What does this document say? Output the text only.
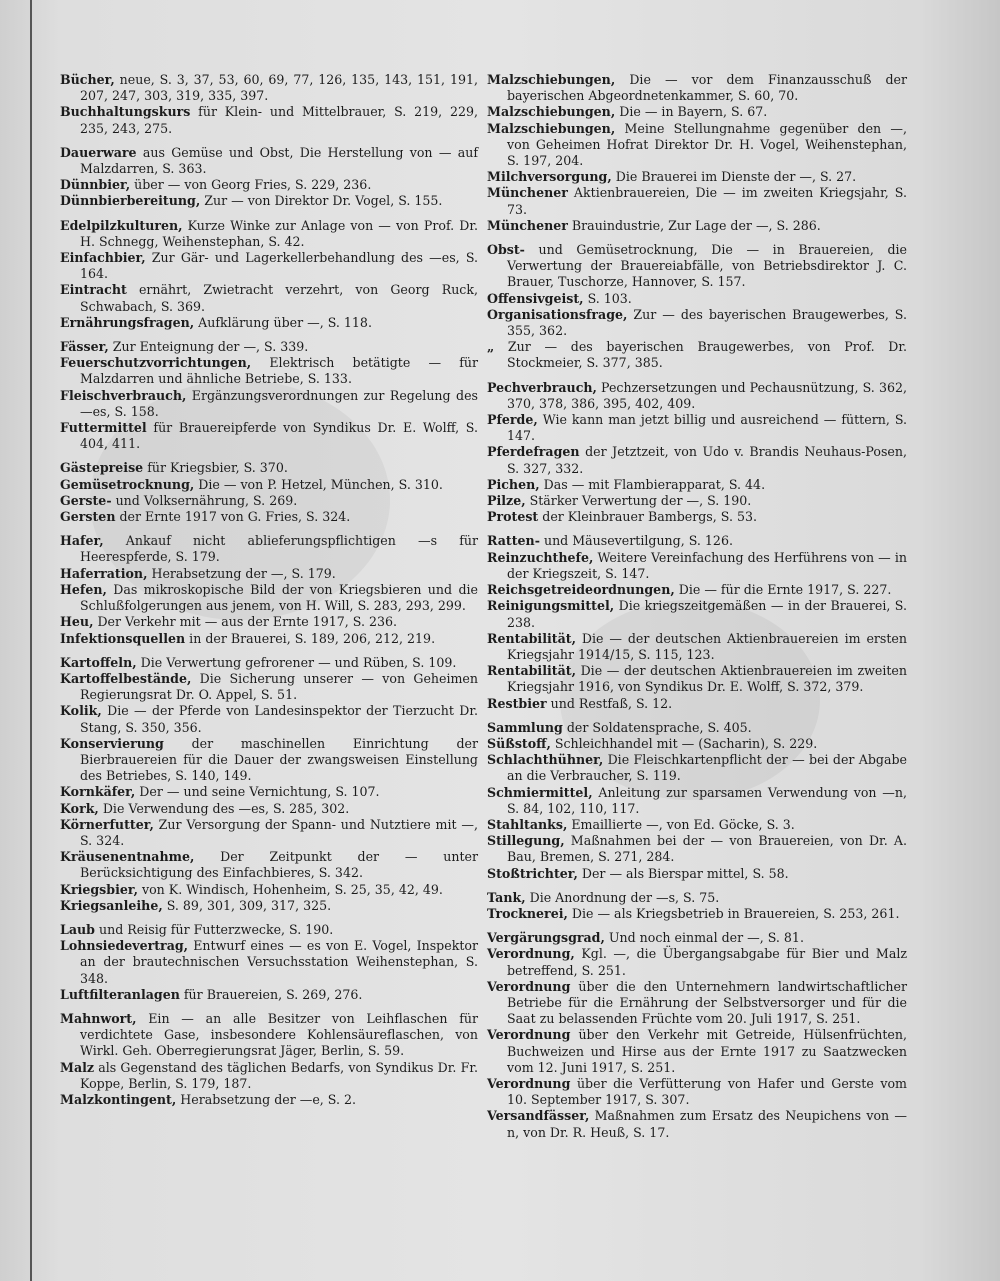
Bücher, neue, S. 3, 37, 53, 60, 69, 77, 126, 135, 143, 151, 191, 207, 247, 303, 319, 335, 397.

Buchhaltungskurs für Klein- und Mittelbrauer, S. 219, 229, 235, 243, 275.

Dauerware aus Gemüse und Obst, Die Herstellung von — auf Malzdarren, S. 363.

Dünnbier, über — von Georg Fries, S. 229, 236.

Dünnbierbereitung, Zur — von Direktor Dr. Vogel, S. 155.

Edelpilzkulturen, Kurze Winke zur Anlage von — von Prof. Dr. H. Schnegg, Weihenstephan, S. 42.

Einfachbier, Zur Gär- und Lagerkellerbehandlung des —es, S. 164.

Eintracht ernährt, Zwietracht verzehrt, von Georg Ruck, Schwabach, S. 369.

Ernährungsfragen, Aufklärung über —, S. 118.

Fässer, Zur Enteignung der —, S. 339.

Feuerschutzvorrichtungen, Elektrisch betätigte — für Malzdarren und ähnliche Betriebe, S. 133.

Fleischverbrauch, Ergänzungsverordnungen zur Regelung des —es, S. 158.

Futtermittel für Brauereipferde von Syndikus Dr. E. Wolff, S. 404, 411.

Gästepreise für Kriegsbier, S. 370.

Gemüsetrocknung, Die — von P. Hetzel, München, S. 310.

Gerste- und Volksernährung, S. 269.

Gersten der Ernte 1917 von G. Fries, S. 324.

Hafer, Ankauf nicht ablieferungspflichtigen —s für Heerespferde, S. 179.

Haferration, Herabsetzung der —, S. 179.

Hefen, Das mikroskopische Bild der von Kriegsbieren und die Schlußfolgerungen aus jenem, von H. Will, S. 283, 293, 299.

Heu, Der Verkehr mit — aus der Ernte 1917, S. 236.

Infektionsquellen in der Brauerei, S. 189, 206, 212, 219.

Kartoffeln, Die Verwertung gefrorener — und Rüben, S. 109.

Kartoffelbestände, Die Sicherung unserer — von Geheimen Regierungsrat Dr. O. Appel, S. 51.

Kolik, Die — der Pferde von Landesinspektor der Tierzucht Dr. Stang, S. 350, 356.

Konservierung der maschinellen Einrichtung der Bierbrauereien für die Dauer der zwangsweisen Einstellung des Betriebes, S. 140, 149.

Kornkäfer, Der — und seine Vernichtung, S. 107.

Kork, Die Verwendung des —es, S. 285, 302.

Körnerfutter, Zur Versorgung der Spann- und Nutztiere mit —, S. 324.

Kräusenentnahme, Der Zeitpunkt der — unter Berücksichtigung des Einfachbieres, S. 342.

Kriegsbier, von K. Windisch, Hohenheim, S. 25, 35, 42, 49.

Kriegsanleihe, S. 89, 301, 309, 317, 325.

Laub und Reisig für Futterzwecke, S. 190.

Lohnsiedevertrag, Entwurf eines — es von E. Vogel, Inspektor an der brautechnischen Versuchsstation Weihenstephan, S. 348.

Luftfilteranlagen für Brauereien, S. 269, 276.

Mahnwort, Ein — an alle Besitzer von Leihflaschen für verdichtete Gase, insbesondere Kohlensäureflaschen, von Wirkl. Geh. Oberregierungsrat Jäger, Berlin, S. 59.

Malz als Gegenstand des täglichen Bedarfs, von Syndikus Dr. Fr. Koppe, Berlin, S. 179, 187.

Malzkontingent, Herabsetzung der —e, S. 2.

Malzschiebungen, Die — vor dem Finanzausschuß der bayerischen Abgeordnetenkammer, S. 60, 70.

Malzschiebungen, Die — in Bayern, S. 67.

Malzschiebungen, Meine Stellungnahme gegenüber den —, von Geheimen Hofrat Direktor Dr. H. Vogel, Weihenstephan, S. 197, 204.

Milchversorgung, Die Brauerei im Dienste der —, S. 27.

Münchener Aktienbrauereien, Die — im zweiten Kriegsjahr, S. 73.

Münchener Brauindustrie, Zur Lage der —, S. 286.

Obst- und Gemüsetrocknung, Die — in Brauereien, die Verwertung der Brauereiabfälle, von Betriebsdirektor J. C. Brauer, Tuschorze, Hannover, S. 157.

Offensivgeist, S. 103.

Organisationsfrage, Zur — des bayerischen Braugewerbes, S. 355, 362.

„ Zur — des bayerischen Braugewerbes, von Prof. Dr. Stockmeier, S. 377, 385.

Pechverbrauch, Pechzersetzungen und Pechausnützung, S. 362, 370, 378, 386, 395, 402, 409.

Pferde, Wie kann man jetzt billig und ausreichend — füttern, S. 147.

Pferdefragen der Jetztzeit, von Udo v. Brandis Neuhaus-Posen, S. 327, 332.

Pichen, Das — mit Flambierapparat, S. 44.

Pilze, Stärker Verwertung der —, S. 190.

Protest der Kleinbrauer Bambergs, S. 53.

Ratten- und Mäusevertilgung, S. 126.

Reinzuchthefe, Weitere Vereinfachung des Herführens von — in der Kriegszeit, S. 147.

Reichsgetreideordnungen, Die — für die Ernte 1917, S. 227.

Reinigungsmittel, Die kriegszeitgemäßen — in der Brauerei, S. 238.

Rentabilität, Die — der deutschen Aktienbrauereien im ersten Kriegsjahr 1914/15, S. 115, 123.

Rentabilität, Die — der deutschen Aktienbrauereien im zweiten Kriegsjahr 1916, von Syndikus Dr. E. Wolff, S. 372, 379.

Restbier und Restfaß, S. 12.

Sammlung der Soldatensprache, S. 405.

Süßstoff, Schleichhandel mit — (Sacharin), S. 229.

Schlachthühner, Die Fleischkartenpflicht der — bei der Abgabe an die Verbraucher, S. 119.

Schmiermittel, Anleitung zur sparsamen Verwendung von —n, S. 84, 102, 110, 117.

Stahltanks, Emaillierte —, von Ed. Göcke, S. 3.

Stillegung, Maßnahmen bei der — von Brauereien, von Dr. A. Bau, Bremen, S. 271, 284.

Stoßtrichter, Der — als Bierspar mittel, S. 58.

Tank, Die Anordnung der —s, S. 75.

Trocknerei, Die — als Kriegsbetrieb in Brauereien, S. 253, 261.

Vergärungsgrad, Und noch einmal der —, S. 81.

Verordnung, Kgl. —, die Übergangsabgabe für Bier und Malz betreffend, S. 251.

Verordnung über die den Unternehmern landwirtschaftlicher Betriebe für die Ernährung der Selbstversorger und für die Saat zu belassenden Früchte vom 20. Juli 1917, S. 251.

Verordnung über den Verkehr mit Getreide, Hülsenfrüchten, Buchweizen und Hirse aus der Ernte 1917 zu Saatzwecken vom 12. Juni 1917, S. 251.

Verordnung über die Verfütterung von Hafer und Gerste vom 10. September 1917, S. 307.

Versandfässer, Maßnahmen zum Ersatz des Neupichens von —n, von Dr. R. Heuß, S. 17.
